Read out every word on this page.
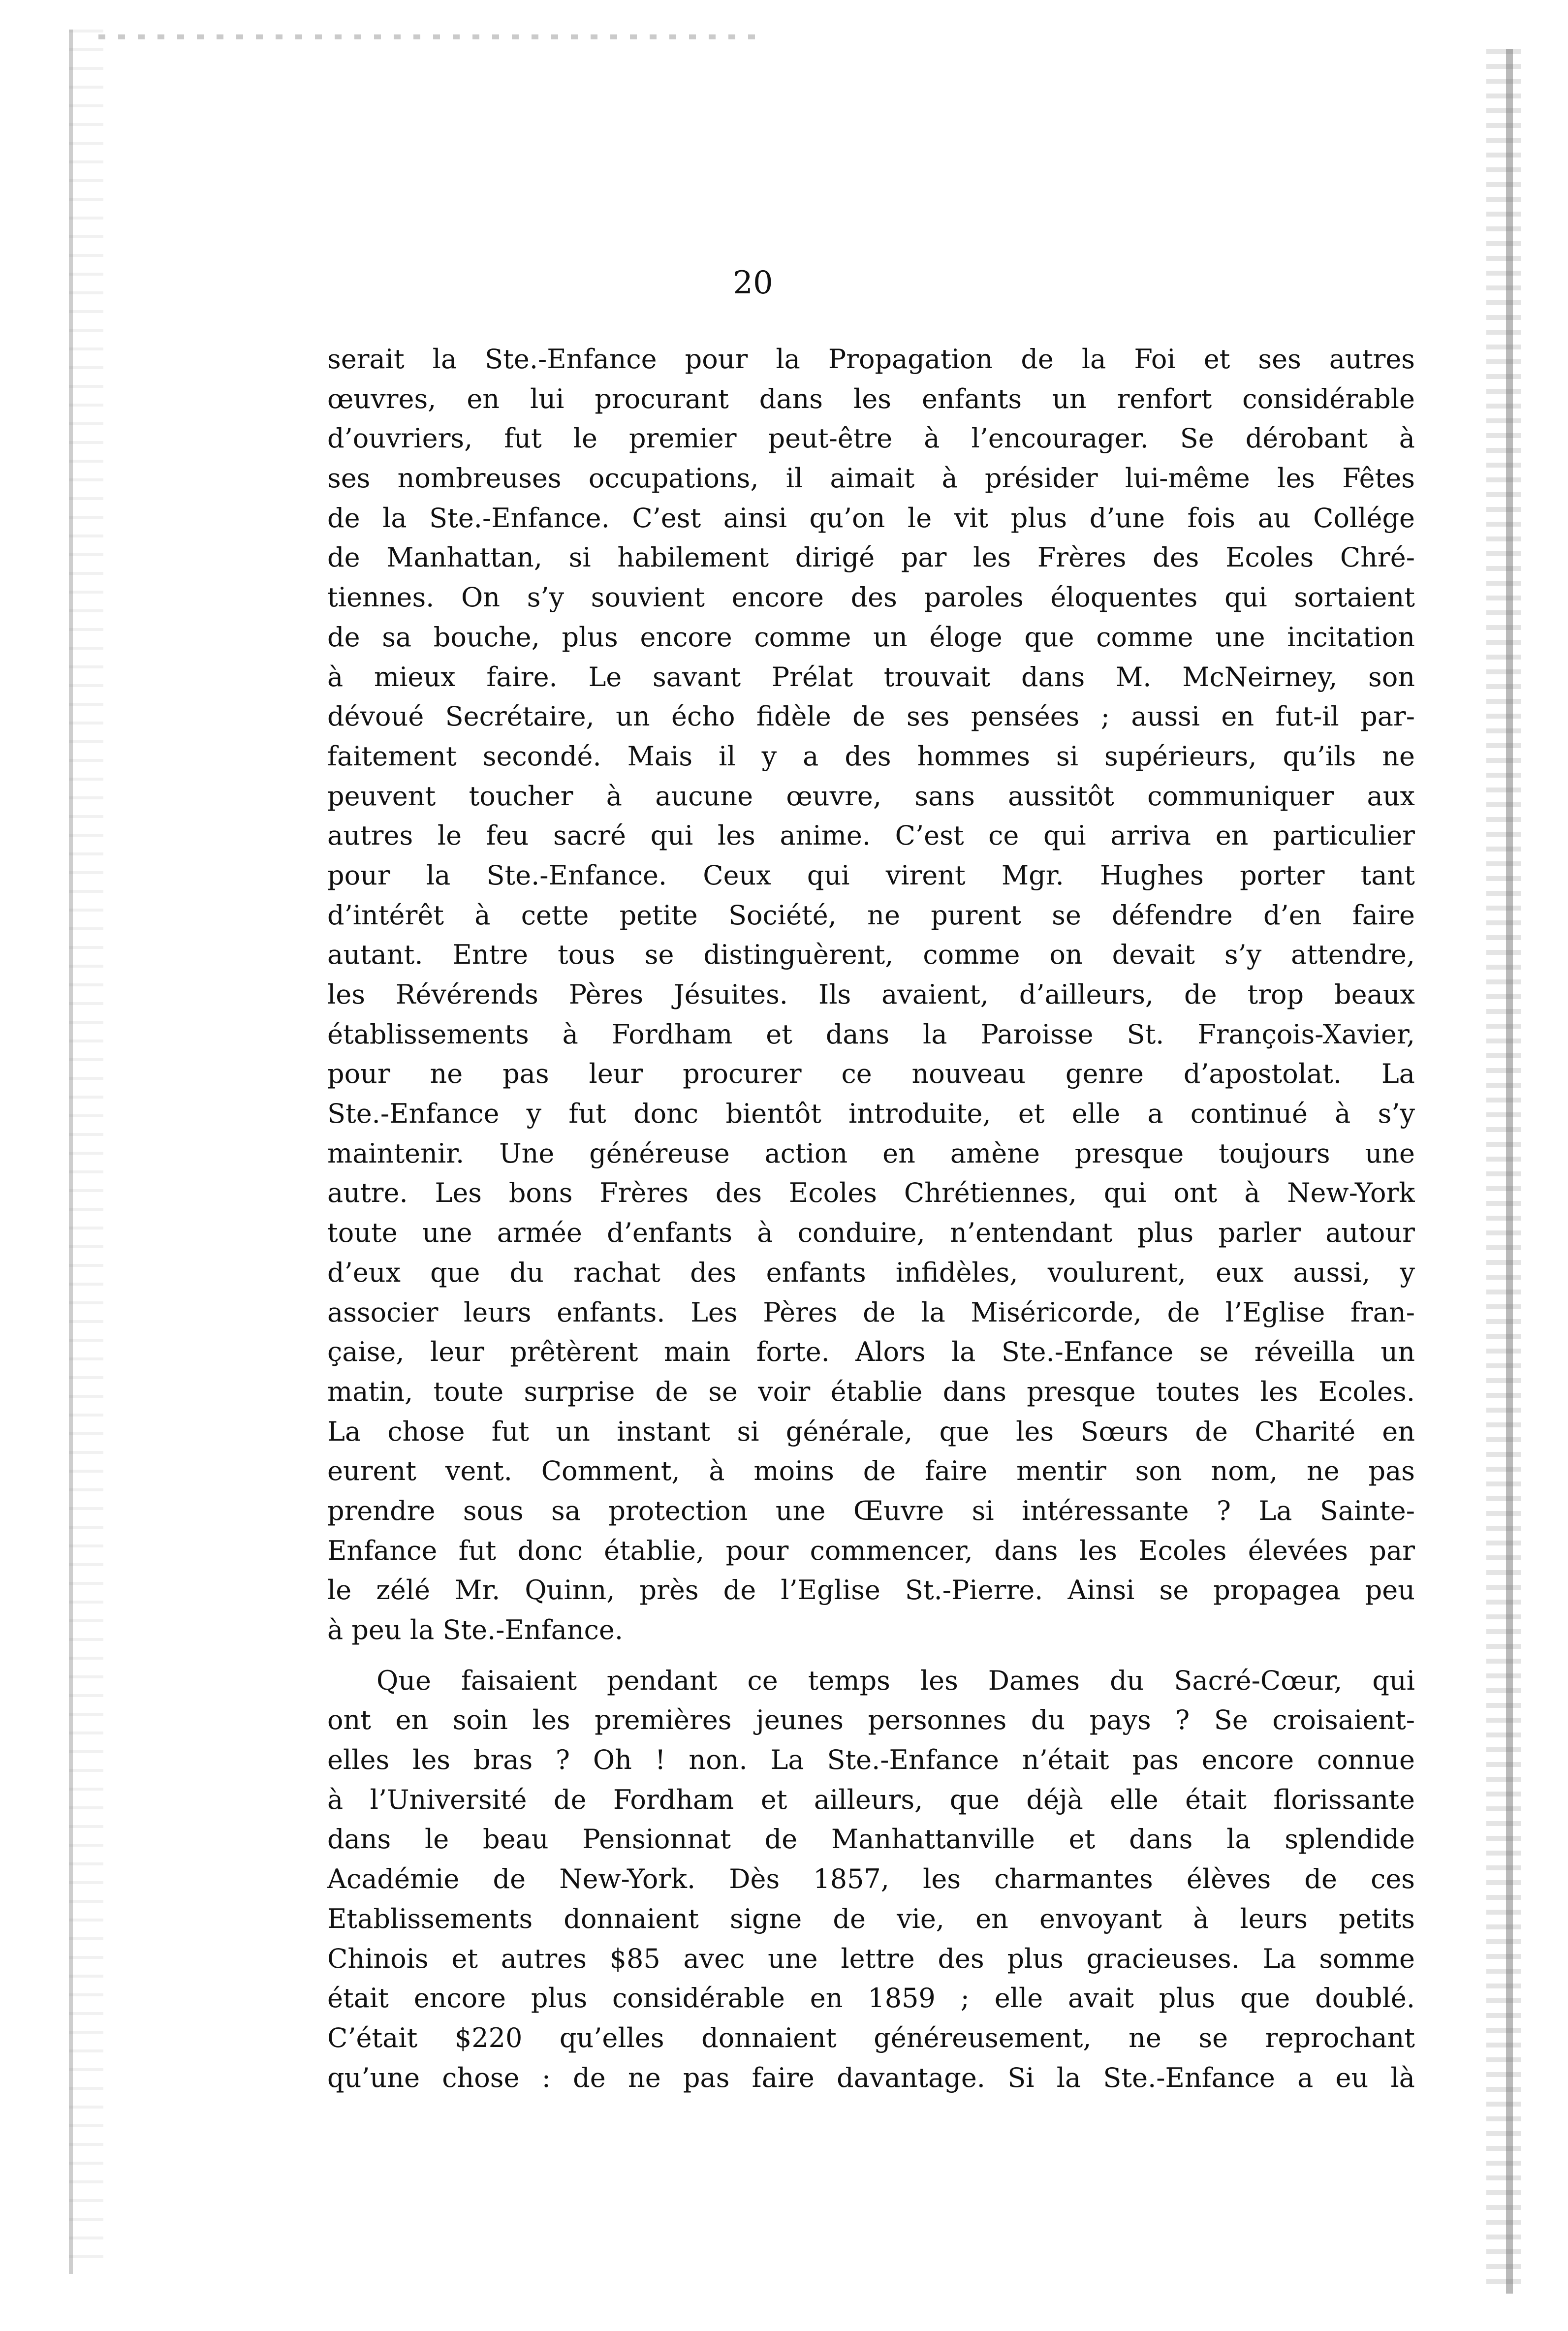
20

serait la Ste.-Enfance pour la Propagation de la Foi et ses autres
œuvres, en lui procurant dans les enfants un renfort considérable
d’ouvriers, fut le premier peut-être à l’encourager. Se dérobant à
ses nombreuses occupations, il aimait à présider lui-même les Fêtes
de la Ste.-Enfance. C’est ainsi qu’on le vit plus d’une fois au Collége
de Manhattan, si habilement dirigé par les Frères des Ecoles Chré-
tiennes. On s’y souvient encore des paroles éloquentes qui sortaient
de sa bouche, plus encore comme un éloge que comme une incitation
à mieux faire. Le savant Prélat trouvait dans M. McNeirney, son
dévoué Secrétaire, un écho fidèle de ses pensées ; aussi en fut-il par-
faitement secondé. Mais il y a des hommes si supérieurs, qu’ils ne
peuvent toucher à aucune œuvre, sans aussitôt communiquer aux
autres le feu sacré qui les anime. C’est ce qui arriva en particulier
pour la Ste.-Enfance. Ceux qui virent Mgr. Hughes porter tant
d’intérêt à cette petite Société, ne purent se défendre d’en faire
autant. Entre tous se distinguèrent, comme on devait s’y attendre,
les Révérends Pères Jésuites. Ils avaient, d’ailleurs, de trop beaux
établissements à Fordham et dans la Paroisse St. François-Xavier,
pour ne pas leur procurer ce nouveau genre d’apostolat. La
Ste.-Enfance y fut donc bientôt introduite, et elle a continué à s’y
maintenir. Une généreuse action en amène presque toujours une
autre. Les bons Frères des Ecoles Chrétiennes, qui ont à New-York
toute une armée d’enfants à conduire, n’entendant plus parler autour
d’eux que du rachat des enfants infidèles, voulurent, eux aussi, y
associer leurs enfants. Les Pères de la Miséricorde, de l’Eglise fran-
çaise, leur prêtèrent main forte. Alors la Ste.-Enfance se réveilla un
matin, toute surprise de se voir établie dans presque toutes les Ecoles.
La chose fut un instant si générale, que les Sœurs de Charité en
eurent vent. Comment, à moins de faire mentir son nom, ne pas
prendre sous sa protection une Œuvre si intéressante ? La Sainte-
Enfance fut donc établie, pour commencer, dans les Ecoles élevées par
le zélé Mr. Quinn, près de l’Eglise St.-Pierre. Ainsi se propagea peu
à peu la Ste.-Enfance.

Que faisaient pendant ce temps les Dames du Sacré-Cœur, qui
ont en soin les premières jeunes personnes du pays ? Se croisaient-
elles les bras ? Oh ! non. La Ste.-Enfance n’était pas encore connue
à l’Université de Fordham et ailleurs, que déjà elle était florissante
dans le beau Pensionnat de Manhattanville et dans la splendide
Académie de New-York. Dès 1857, les charmantes élèves de ces
Etablissements donnaient signe de vie, en envoyant à leurs petits
Chinois et autres $85 avec une lettre des plus gracieuses. La somme
était encore plus considérable en 1859 ; elle avait plus que doublé.
C’était $220 qu’elles donnaient généreusement, ne se reprochant
qu’une chose : de ne pas faire davantage. Si la Ste.-Enfance a eu là
